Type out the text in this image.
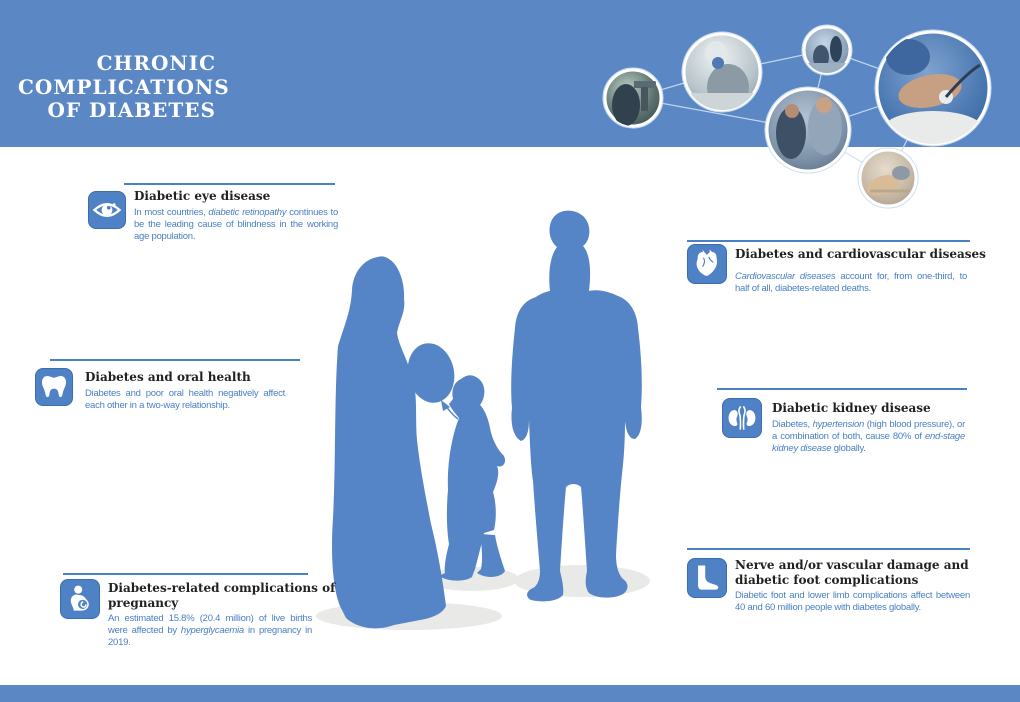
CHRONIC
COMPLICATIONS
OF DIABETES
Diabetic eye disease
In most countries, diabetic retinopathy continues to be the leading cause of blindness in the working age population.
Diabetes and oral health
Diabetes and poor oral health negatively affect each other in a two-way relationship.
Diabetes-related complications of
pregnancy
An estimated 15.8% (20.4 million) of live births were affected by hyperglycaemia in pregnancy in 2019.
Diabetes and cardiovascular diseases
Cardiovascular diseases account for, from one-third, to half of all, diabetes-related deaths.
Diabetic kidney disease
Diabetes, hypertension (high blood pressure), or a combination of both, cause 80% of end-stage kidney disease globally.
Nerve and/or vascular damage and
diabetic foot complications
Diabetic foot and lower limb complications affect between 40 and 60 million people with diabetes globally.
